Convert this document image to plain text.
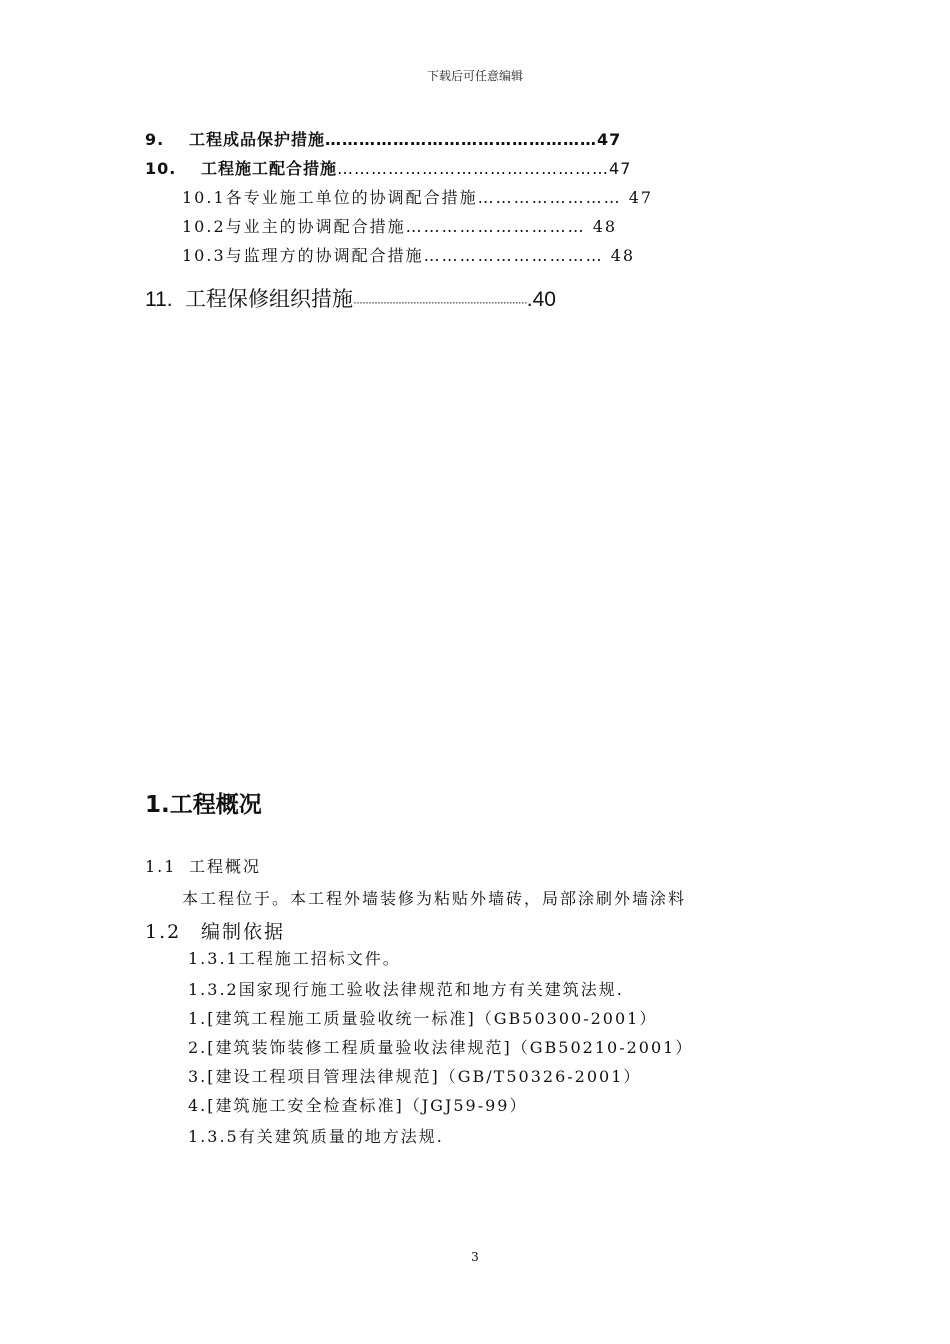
下载后可任意编辑
9. 工程成品保护措施…………………………………………47
10. 工程施工配合措施…………………………………………47
10.1各专业施工单位的协调配合措施…………………… 47
10.2与业主的协调配合措施………………………… 48
10.3与监理方的协调配合措施………………………… 48
11. 工程保修组织措施··························································.40
1.工程概况
1.1 工程概况
本工程位于。本工程外墙装修为粘贴外墙砖，局部涂刷外墙涂料
1.2 编制依据
1.3.1工程施工招标文件。
1.3.2国家现行施工验收法律规范和地方有关建筑法规.
1.[建筑工程施工质量验收统一标准]（GB50300-2001）
2.[建筑装饰装修工程质量验收法律规范]（GB50210-2001）
3.[建设工程项目管理法律规范]（GB/T50326-2001）
4.[建筑施工安全检查标准]（JGJ59-99）
1.3.5有关建筑质量的地方法规.
3
